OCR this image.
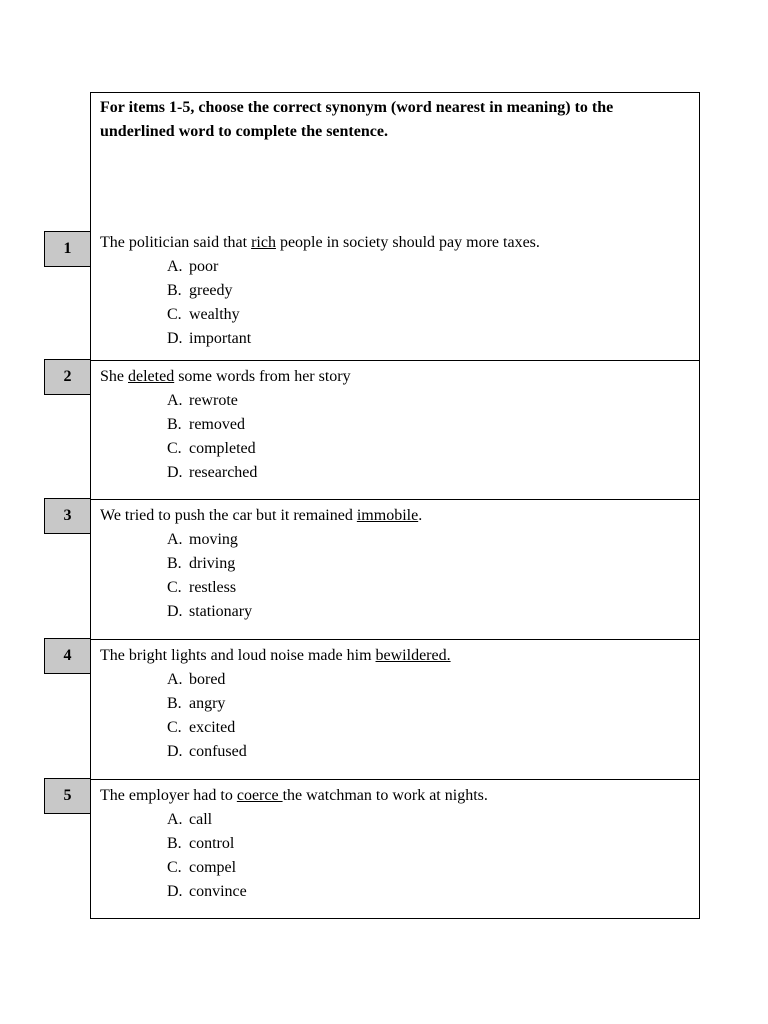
For items 1-5, choose the correct synonym (word nearest in meaning) to the underlined word to complete the sentence.
1	The politician said that rich people in society should pay more taxes.
A. poor
B. greedy
C. wealthy
D. important
2	She deleted some words from her story
A. rewrote
B. removed
C. completed
D. researched
3	We tried to push the car but it remained immobile.
A. moving
B. driving
C. restless
D. stationary
4	The bright lights and loud noise made him bewildered.
A. bored
B. angry
C. excited
D. confused
5	The employer had to coerce the watchman to work at nights.
A. call
B. control
C. compel
D. convince
